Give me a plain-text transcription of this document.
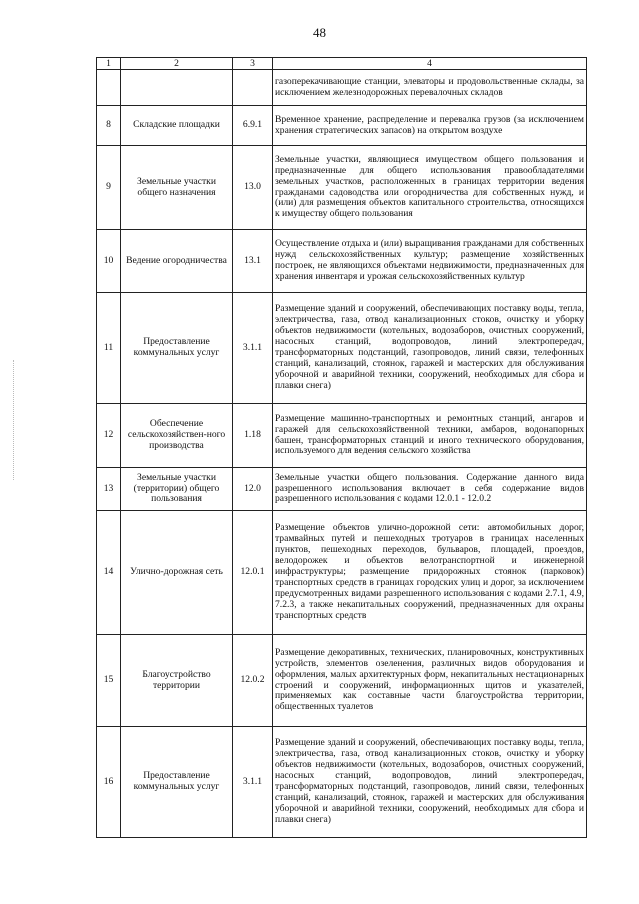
48
1	2	3	4
			газоперекачивающие станции, элеваторы и продовольственные склады, за исключением железнодорожных перевалочных складов
8	Складские площадки	6.9.1	Временное хранение, распределение и перевалка грузов (за исключением хранения стратегических запасов) на открытом воздухе
9	Земельные участки общего назначения	13.0	Земельные участки, являющиеся имуществом общего пользования и предназначенные для общего использования правообладателями земельных участков, расположенных в границах территории ведения гражданами садоводства или огородничества для собственных нужд, и (или) для размещения объектов капитального строительства, относящихся к имуществу общего пользования
10	Ведение огородничества	13.1	Осуществление отдыха и (или) выращивания гражданами для собственных нужд сельскохозяйственных культур; размещение хозяйственных построек, не являющихся объектами недвижимости, предназначенных для хранения инвентаря и урожая сельскохозяйственных культур
11	Предоставление коммунальных услуг	3.1.1	Размещение зданий и сооружений, обеспечивающих поставку воды, тепла, электричества, газа, отвод канализационных стоков, очистку и уборку объектов недвижимости (котельных, водозаборов, очистных сооружений, насосных станций, водопроводов, линий электропередач, трансформаторных подстанций, газопроводов, линий связи, телефонных станций, канализаций, стоянок, гаражей и мастерских для обслуживания уборочной и аварийной техники, сооружений, необходимых для сбора и плавки снега)
12	Обеспечение сельскохозяйствен-ного производства	1.18	Размещение машинно-транспортных и ремонтных станций, ангаров и гаражей для сельскохозяйственной техники, амбаров, водонапорных башен, трансформаторных станций и иного технического оборудования, используемого для ведения сельского хозяйства
13	Земельные участки (территории) общего пользования	12.0	Земельные участки общего пользования. Содержание данного вида разрешенного использования включает в себя содержание видов разрешенного использования с кодами 12.0.1 - 12.0.2
14	Улично-дорожная сеть	12.0.1	Размещение объектов улично-дорожной сети: автомобильных дорог, трамвайных путей и пешеходных тротуаров в границах населенных пунктов, пешеходных переходов, бульваров, площадей, проездов, велодорожек и объектов велотранспортной и инженерной инфраструктуры; размещение придорожных стоянок (парковок) транспортных средств в границах городских улиц и дорог, за исключением предусмотренных видами разрешенного использования с кодами 2.7.1, 4.9, 7.2.3, а также некапитальных сооружений, предназначенных для охраны транспортных средств
15	Благоустройство территории	12.0.2	Размещение декоративных, технических, планировочных, конструктивных устройств, элементов озеленения, различных видов оборудования и оформления, малых архитектурных форм, некапитальных нестационарных строений и сооружений, информационных щитов и указателей, применяемых как составные части благоустройства территории, общественных туалетов
16	Предоставление коммунальных услуг	3.1.1	Размещение зданий и сооружений, обеспечивающих поставку воды, тепла, электричества, газа, отвод канализационных стоков, очистку и уборку объектов недвижимости (котельных, водозаборов, очистных сооружений, насосных станций, водопроводов, линий электропередач, трансформаторных подстанций, газопроводов, линий связи, телефонных станций, канализаций, стоянок, гаражей и мастерских для обслуживания уборочной и аварийной техники, сооружений, необходимых для сбора и плавки снега)
